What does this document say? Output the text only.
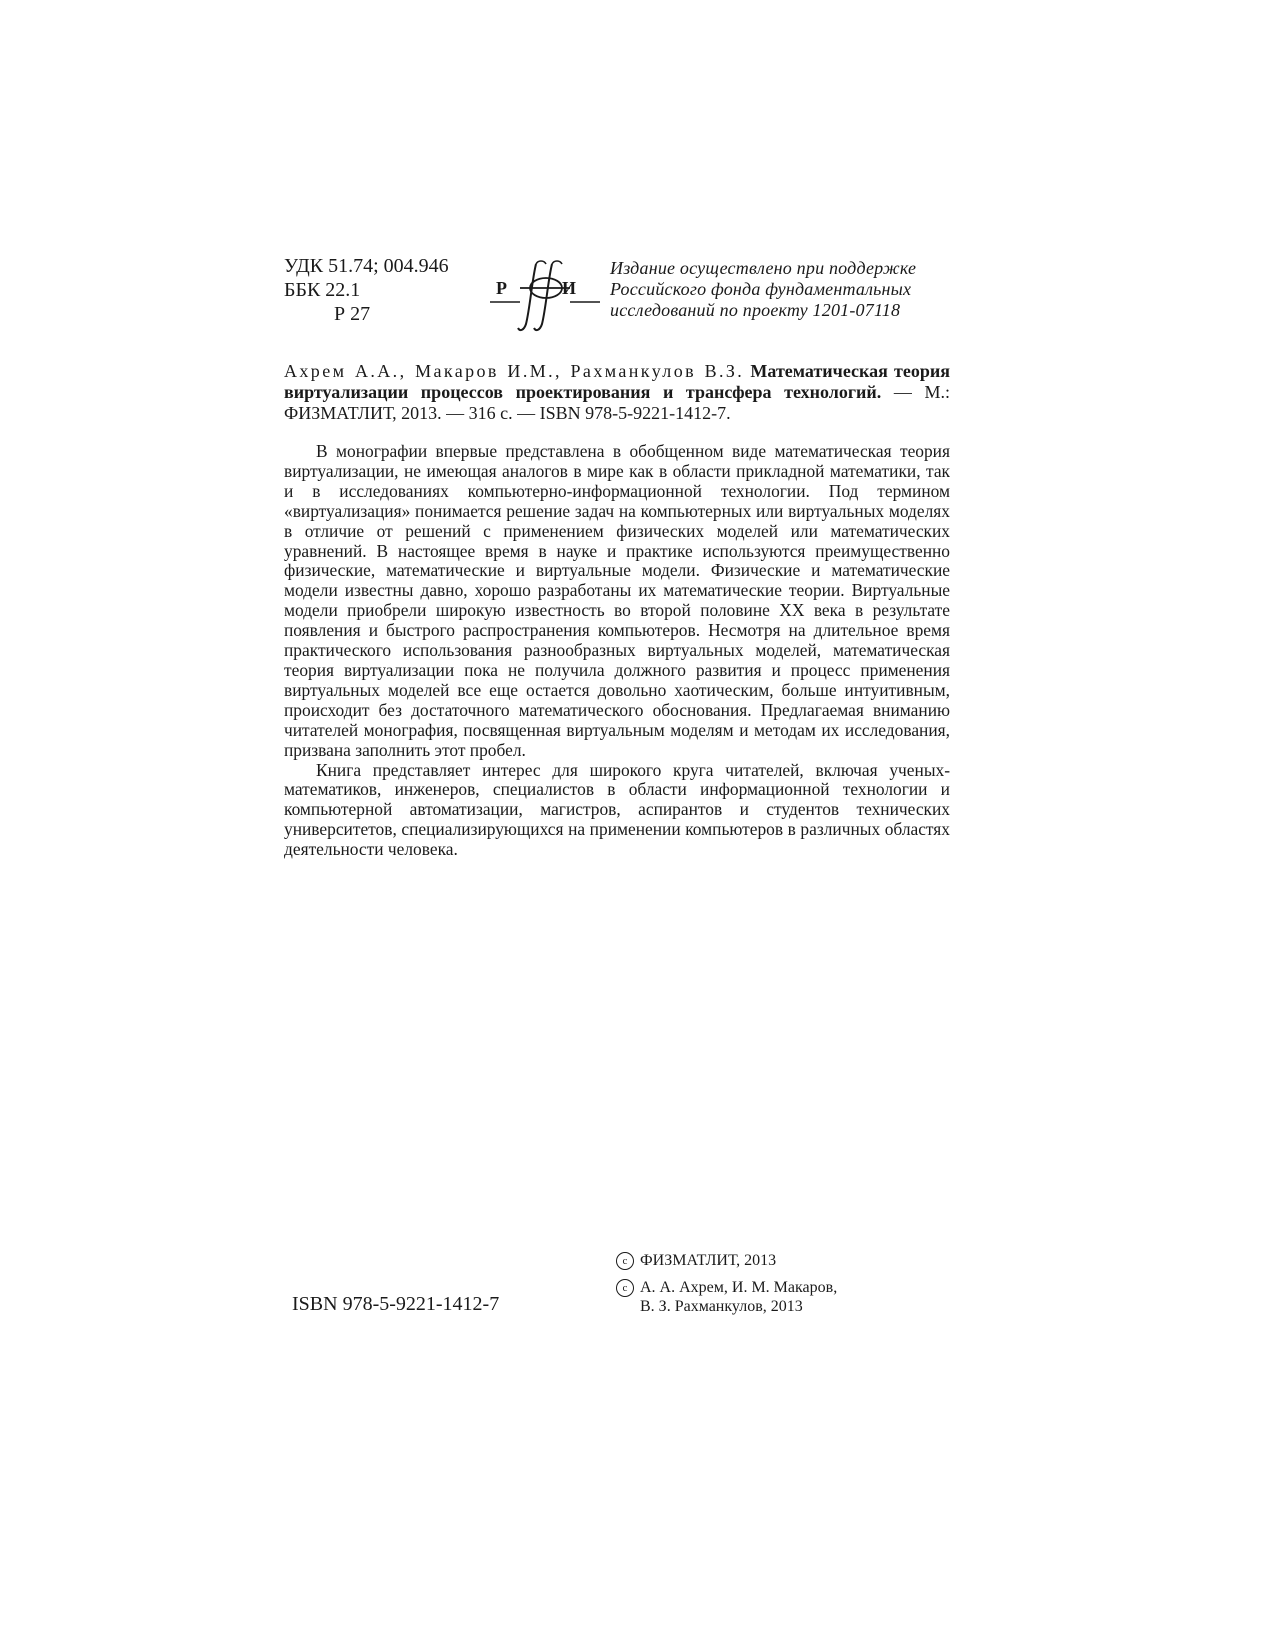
УДК 51.74; 004.946
ББК 22.1
Р 27
Р	И
Издание осуществлено при поддержке
Российского фонда фундаментальных
исследований по проекту 1201-07118
Ахрем А.А., Макаров И.М., Рахманкулов В.З. Математическая теория виртуализации процессов проектирования и трансфера технологий. — М.: ФИЗМАТЛИТ, 2013. — 316 с. — ISBN 978-5-9221-1412-7.

В монографии впервые представлена в обобщенном виде математическая теория виртуализации, не имеющая аналогов в мире как в области прикладной математики, так и в исследованиях компьютерно-информационной технологии. Под термином «виртуализация» понимается решение задач на компьютерных или виртуальных моделях в отличие от решений с применением физических моделей или математических уравнений. В настоящее время в науке и практике используются преимущественно физические, математические и виртуальные модели. Физические и математические модели известны давно, хорошо разработаны их математические теории. Виртуальные модели приобрели широкую известность во второй половине XX века в результате появления и быстрого распространения компьютеров. Несмотря на длительное время практического использования разнообразных виртуальных моделей, математическая теория виртуализации пока не получила должного развития и процесс применения виртуальных моделей все еще остается довольно хаотическим, больше интуитивным, происходит без достаточного математического обоснования. Предлагаемая вниманию читателей монография, посвященная виртуальным моделям и методам их исследования, призвана заполнить этот пробел.

Книга представляет интерес для широкого круга читателей, включая ученых-математиков, инженеров, специалистов в области информационной технологии и компьютерной автоматизации, магистров, аспирантов и студентов технических университетов, специализирующихся на применении компьютеров в различных областях деятельности человека.

ISBN 978-5-9221-1412-7
c ФИЗМАТЛИТ, 2013
c А. А. Ахрем, И. М. Макаров,
В. З. Рахманкулов, 2013
